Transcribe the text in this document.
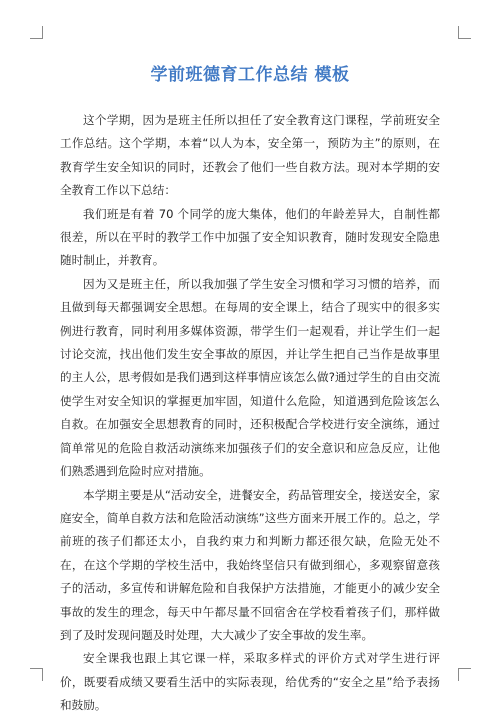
学前班德育工作总结 模板

这个学期，因为是班主任所以担任了安全教育这门课程，学前班安全工作总结。这个学期，本着“以人为本，安全第一，预防为主”的原则，在教育学生安全知识的同时，还教会了他们一些自救方法。现对本学期的安全教育工作以下总结：

我们班是有着 70 个同学的庞大集体，他们的年龄差异大，自制性都很差，所以在平时的教学工作中加强了安全知识教育，随时发现安全隐患随时制止，并教育。

因为又是班主任，所以我加强了学生安全习惯和学习习惯的培养，而且做到每天都强调安全思想。在每周的安全课上，结合了现实中的很多实例进行教育，同时利用多媒体资源，带学生们一起观看，并让学生们一起讨论交流，找出他们发生安全事故的原因，并让学生把自己当作是故事里的主人公，思考假如是我们遇到这样事情应该怎么做?通过学生的自由交流使学生对安全知识的掌握更加牢固，知道什么危险，知道遇到危险该怎么自救。在加强安全思想教育的同时，还积极配合学校进行安全演练，通过简单常见的危险自救活动演练来加强孩子们的安全意识和应急反应，让他们熟悉遇到危险时应对措施。

本学期主要是从“活动安全，进餐安全，药品管理安全，接送安全，家庭安全，简单自救方法和危险活动演练”这些方面来开展工作的。总之，学前班的孩子们都还太小，自我约束力和判断力都还很欠缺，危险无处不在，在这个学期的学校生活中，我始终坚信只有做到细心，多观察留意孩子的活动，多宣传和讲解危险和自我保护方法措施，才能更小的减少安全事故的发生的理念，每天中午都尽量不回宿舍在学校看着孩子们，那样做到了及时发现问题及时处理，大大减少了安全事故的发生率。

安全课我也跟上其它课一样，采取多样式的评价方式对学生进行评价，既要看成绩又要看生活中的实际表现，给优秀的“安全之星”给予表扬和鼓励。
